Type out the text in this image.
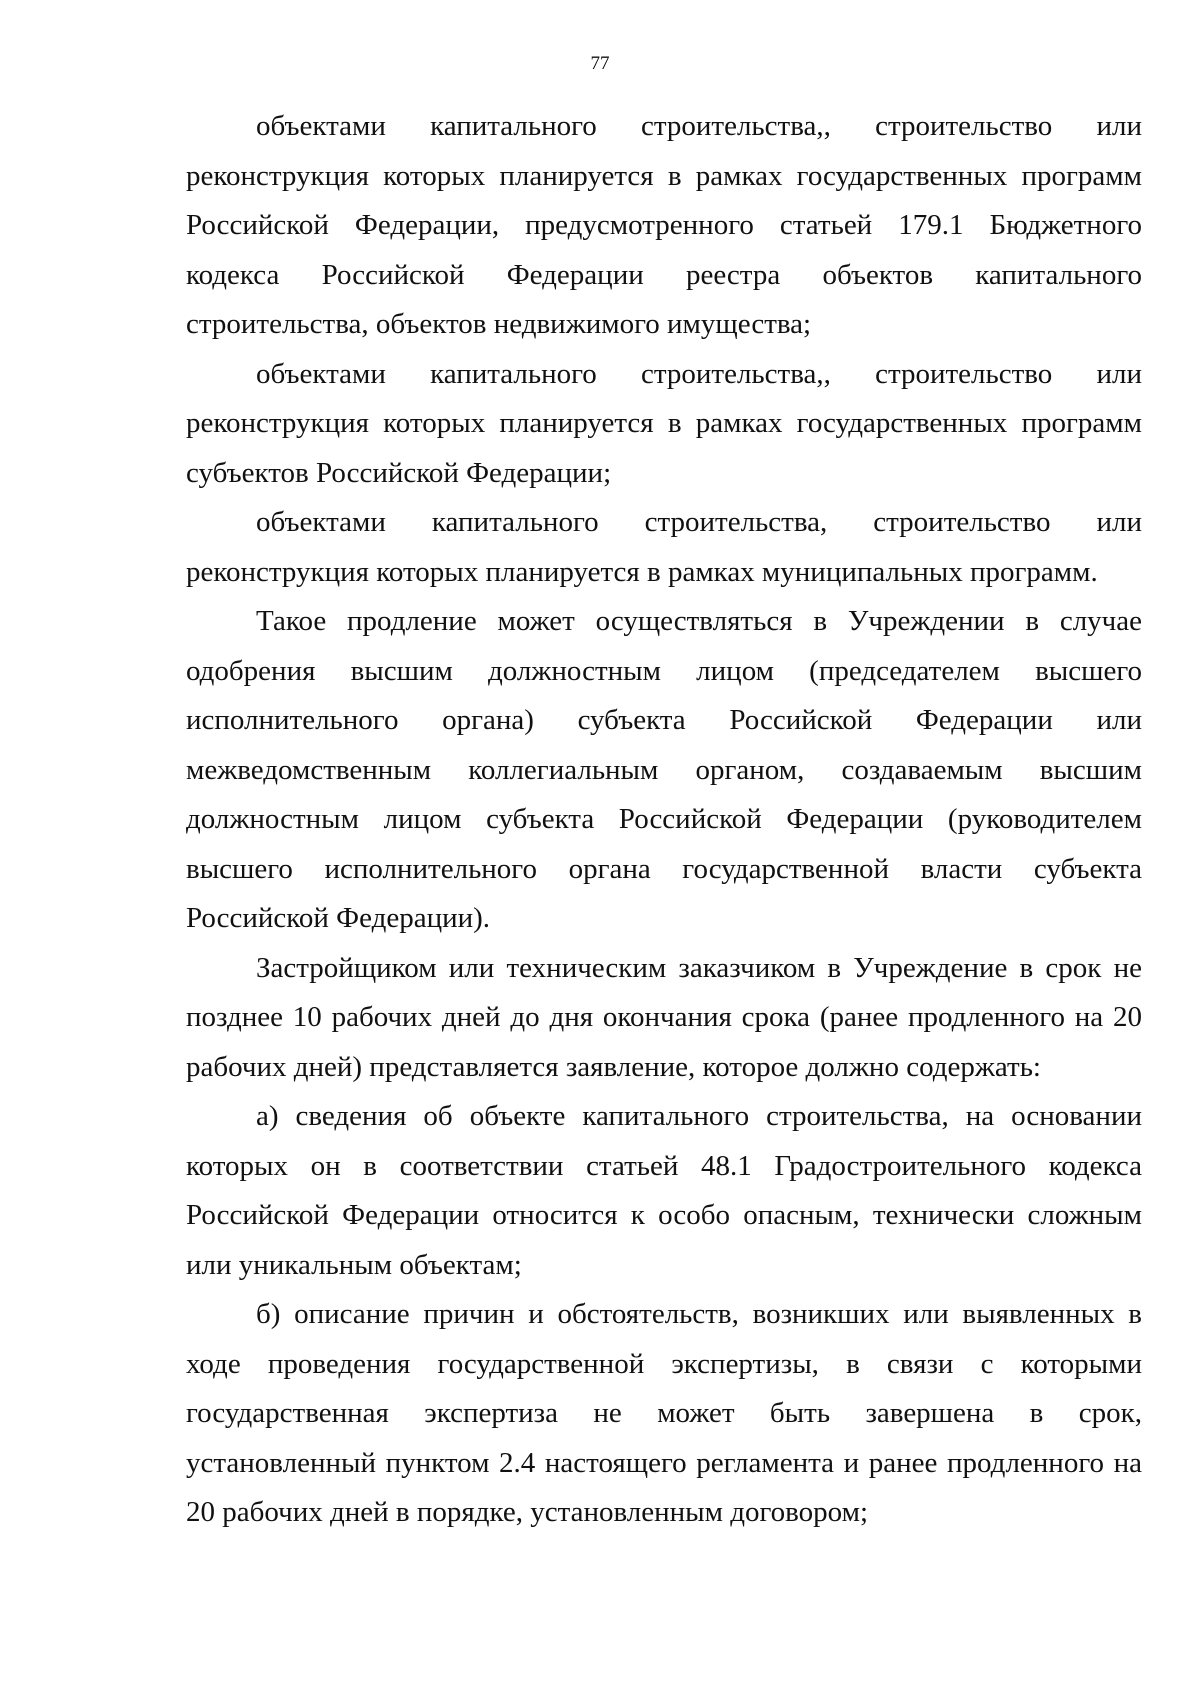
77

объектами капитального строительства,, строительство или реконструкция которых планируется в рамках государственных программ Российской Федерации, предусмотренного статьей 179.1 Бюджетного кодекса Российской Федерации реестра объектов капитального строительства, объектов недвижимого имущества;

объектами капитального строительства,, строительство или реконструкция которых планируется в рамках государственных программ субъектов Российской Федерации;

объектами капитального строительства, строительство или реконструкция которых планируется в рамках муниципальных программ.

Такое продление может осуществляться в Учреждении в случае одобрения высшим должностным лицом (председателем высшего исполнительного органа) субъекта Российской Федерации или межведомственным коллегиальным органом, создаваемым высшим должностным лицом субъекта Российской Федерации (руководителем высшего исполнительного органа государственной власти субъекта Российской Федерации).

Застройщиком или техническим заказчиком в Учреждение в срок не позднее 10 рабочих дней до дня окончания срока (ранее продленного на 20 рабочих дней) представляется заявление, которое должно содержать:

а) сведения об объекте капитального строительства, на основании которых он в соответствии статьей 48.1 Градостроительного кодекса Российской Федерации относится к особо опасным, технически сложным или уникальным объектам;

б) описание причин и обстоятельств, возникших или выявленных в ходе проведения государственной экспертизы, в связи с которыми государственная экспертиза не может быть завершена в срок, установленный пунктом 2.4 настоящего регламента и ранее продленного на 20 рабочих дней в порядке, установленным договором;
